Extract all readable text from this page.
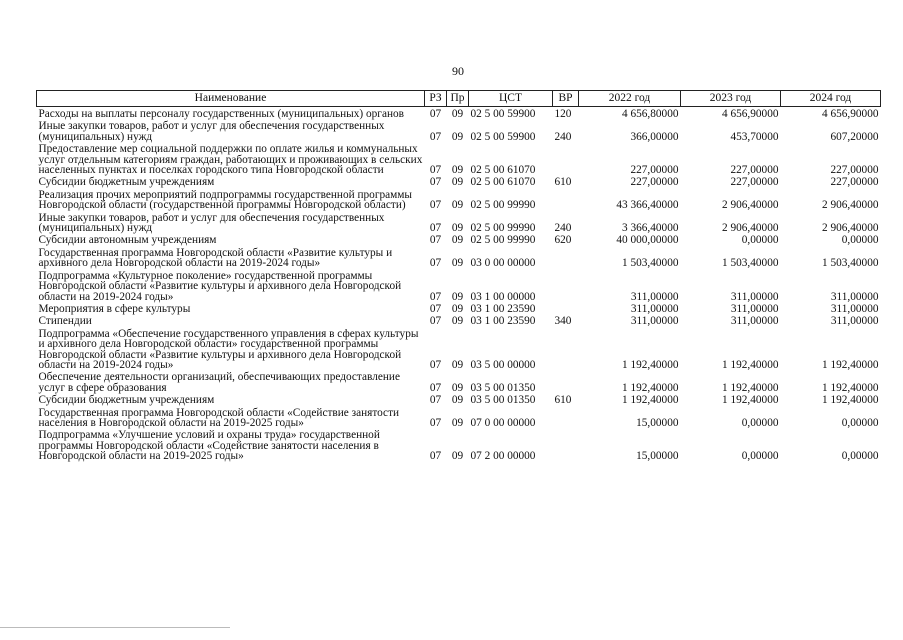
90
Наименование	РЗ	Пр	ЦСТ	ВР	2022 год	2023 год	2024 год
Расходы на выплаты персоналу государственных (муниципальных) органов	07	09	02 5 00 59900	120	4 656,80000	4 656,90000	4 656,90000
Иные закупки товаров, работ и услуг для обеспечения государственных (муниципальных) нужд	07	09	02 5 00 59900	240	366,00000	453,70000	607,20000
Предоставление мер социальной поддержки по оплате жилья и коммунальных услуг отдельным категориям граждан, работающих и проживающих в сельских населенных пунктах и поселках городского типа Новгородской области	07	09	02 5 00 61070		227,00000	227,00000	227,00000
Субсидии бюджетным учреждениям	07	09	02 5 00 61070	610	227,00000	227,00000	227,00000
Реализация прочих мероприятий подпрограммы государственной программы Новгородской области (государственной программы Новгородской области)	07	09	02 5 00 99990		43 366,40000	2 906,40000	2 906,40000
Иные закупки товаров, работ и услуг для обеспечения государственных (муниципальных) нужд	07	09	02 5 00 99990	240	3 366,40000	2 906,40000	2 906,40000
Субсидии автономным учреждениям	07	09	02 5 00 99990	620	40 000,00000	0,00000	0,00000
Государственная программа Новгородской области «Развитие культуры и архивного дела Новгородской области на 2019-2024 годы»	07	09	03 0 00 00000		1 503,40000	1 503,40000	1 503,40000
Подпрограмма «Культурное поколение» государственной программы Новгородской области «Развитие культуры и архивного дела Новгородской области на 2019-2024 годы»	07	09	03 1 00 00000		311,00000	311,00000	311,00000
Мероприятия в сфере культуры	07	09	03 1 00 23590		311,00000	311,00000	311,00000
Стипендии	07	09	03 1 00 23590	340	311,00000	311,00000	311,00000
Подпрограмма «Обеспечение государственного управления в сферах культуры и архивного дела Новгородской области» государственной программы Новгородской области «Развитие культуры и архивного дела Новгородской области на 2019-2024 годы»	07	09	03 5 00 00000		1 192,40000	1 192,40000	1 192,40000
Обеспечение деятельности организаций, обеспечивающих предоставление услуг в сфере образования	07	09	03 5 00 01350		1 192,40000	1 192,40000	1 192,40000
Субсидии бюджетным учреждениям	07	09	03 5 00 01350	610	1 192,40000	1 192,40000	1 192,40000
Государственная программа Новгородской области «Содействие занятости населения в Новгородской области на 2019-2025 годы»	07	09	07 0 00 00000		15,00000	0,00000	0,00000
Подпрограмма «Улучшение условий и охраны труда» государственной программы Новгородской области «Содействие занятости населения в Новгородской области на 2019-2025 годы»	07	09	07 2 00 00000		15,00000	0,00000	0,00000
